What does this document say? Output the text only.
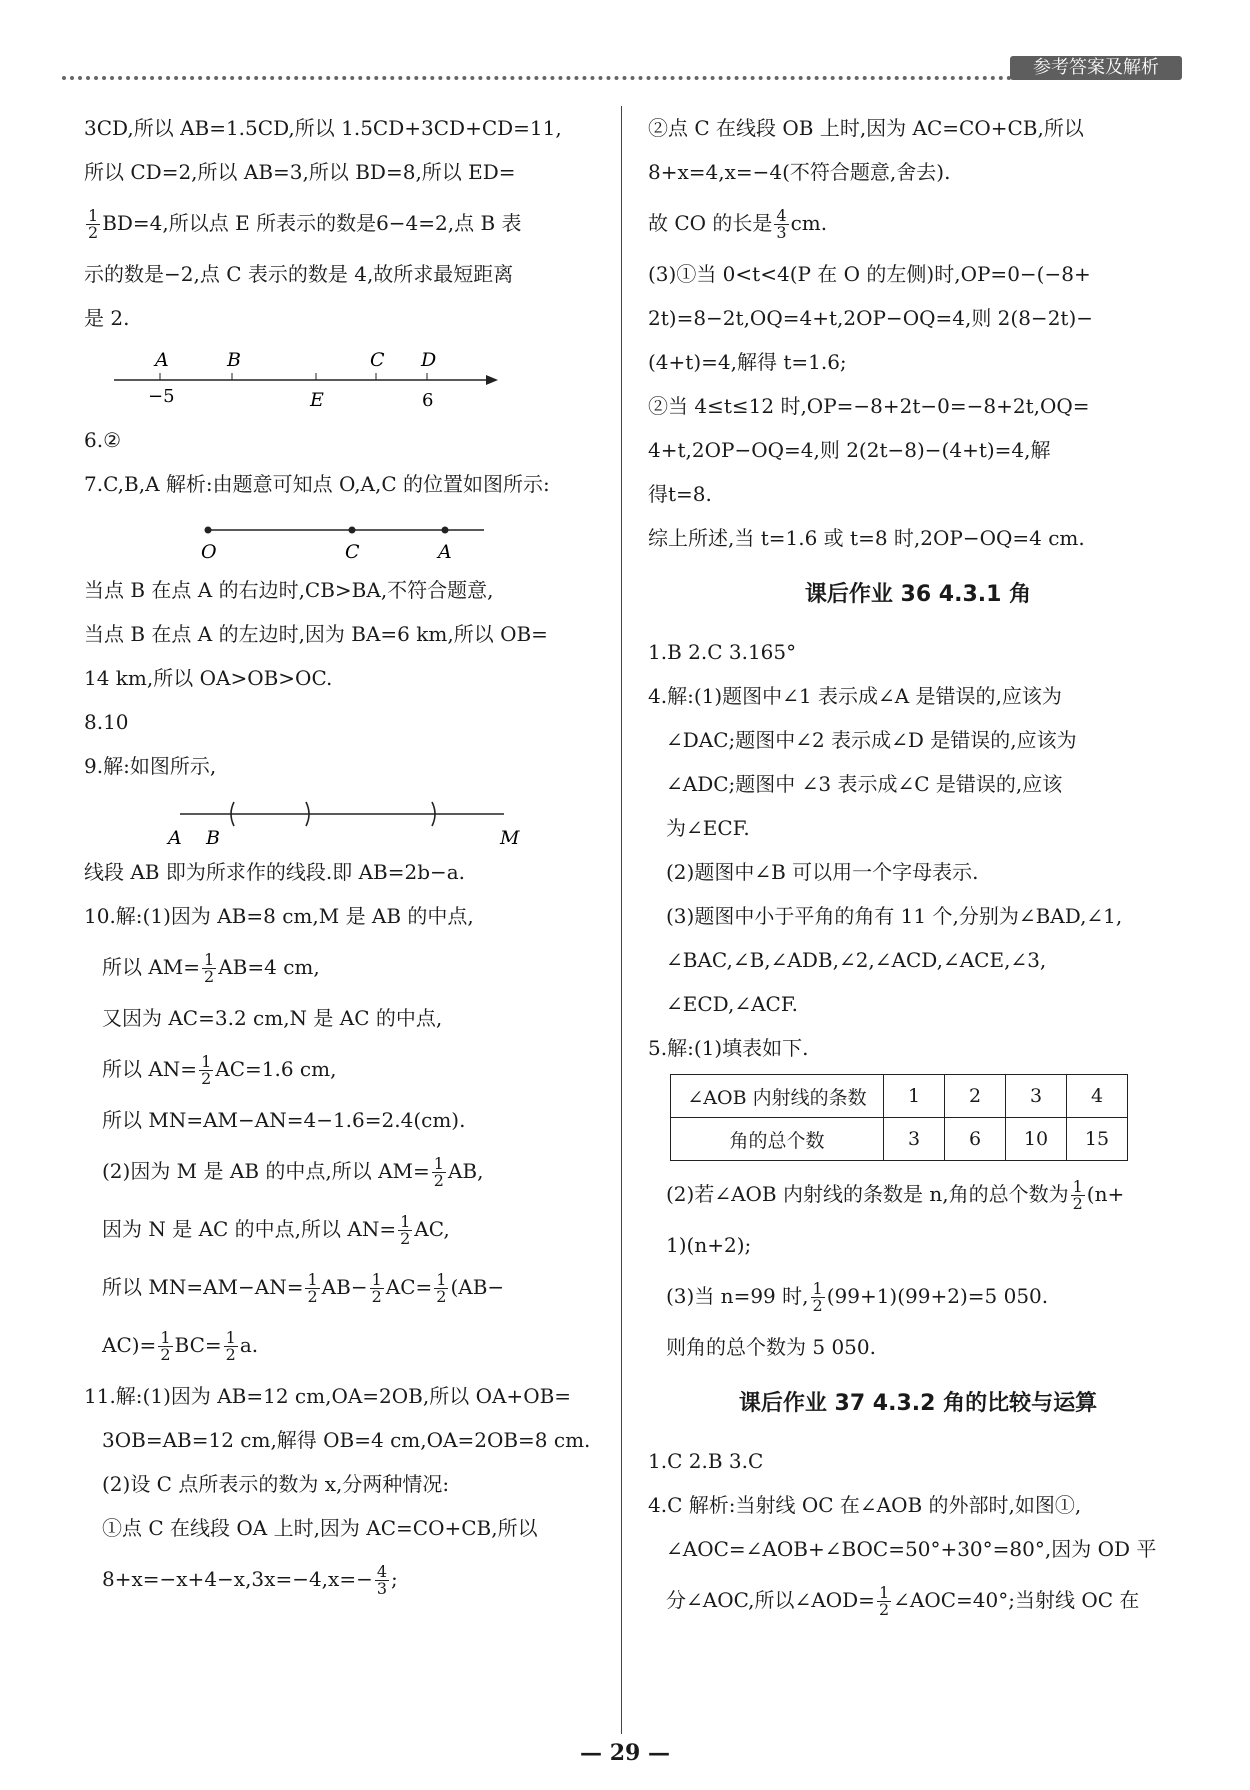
参考答案及解析
3CD,所以 AB=1.5CD,所以 1.5CD+3CD+CD=11,
所以 CD=2,所以 AB=3,所以 BD=8,所以 ED=
$\frac{1}{2} BD=4$,所以点 E 所表示的数是6−4=2,点 B 表
示的数是−2,点 C 表示的数是 4,故所求最短距离
是 2.
A	B
E
C D
−5	6
6.②
7.C,B,A 解析:由题意可知点 O,A,C 的位置如图所示:
O	C	A
当点 B 在点 A 的右边时,CB>BA,不符合题意,
当点 B 在点 A 的左边时,因为 BA=6 km,所以 OB=
14 km,所以 OA>OB>OC.
8.10
9.解:如图所示,
A B	M
线段 AB 即为所求作的线段.即 AB=2b−a.
10.解:(1)因为 AB=8 cm,M 是 AB 的中点,
所以 $AM= \frac{1}{2} AB=4$ cm,
又因为 AC=3.2 cm,N 是 AC 的中点,
所以 $AN= \frac{1}{2} AC=1.6$ cm,
所以 MN=AM−AN=4−1.6=2.4(cm).
(2)因为 M 是 AB 的中点,所以 $AM= \frac{1}{2}$ AB,
因为 N 是 AC 的中点,所以 $AN= \frac{1}{2}$ AC,
所以 $MN=AM-AN= \frac{1}{2} AB- \frac{1}{2} AC= \frac{1}{2} (AB-$
$AC)= \frac{1}{2} BC= \frac{1}{2} a$.
11.解:(1)因为 AB=12 cm,OA=2OB,所以 OA+OB=
3OB=AB=12 cm,解得 OB=4 cm,OA=2OB=8 cm.
(2)设 C 点所表示的数为 x,分两种情况:
①点 C 在线段 OA 上时,因为 AC=CO+CB,所以
$8+x=-x+4-x,3x=-4,x=- \frac{4}{3}$ ;
②点 C 在线段 OB 上时,因为 AC=CO+CB,所以
8+x=4,x=−4(不符合题意,舍去).
故 CO 的长是 $\frac{4}{3}$ cm.
(3)①当 0<t<4(P 在 O 的左侧)时,OP=0−(−8+
2t)=8−2t,OQ=4+t,2OP−OQ=4,则 2(8−2t)−
(4+t)=4,解得 t=1.6;
②当 4≤t≤12 时,OP=−8+2t−0=−8+2t,OQ=
4+t,2OP−OQ=4,则 2(2t−8)−(4+t)=4,解
得t=8.
综上所述,当 t=1.6 或 t=8 时,2OP−OQ=4 cm.
课后作业 36 4.3.1 角
1.B 2.C 3.165°
4.解:(1)题图中∠1 表示成∠A 是错误的,应该为
∠DAC;题图中∠2 表示成∠D 是错误的,应该为
∠ADC;题图中 ∠3 表示成∠C 是错误的,应该
为∠ECF.
(2)题图中∠B 可以用一个字母表示.
(3)题图中小于平角的角有 11 个,分别为∠BAD,∠1,
∠BAC,∠B,∠ADB,∠2,∠ACD,∠ACE,∠3,
∠ECD,∠ACF.
5.解:(1)填表如下.
∠AOB 内射线的条数	1	2	3	4
角的总个数	3	6	10	15
(2)若∠AOB 内射线的条数是 n,角的总个数为 $\frac{1}{2} (n+$
1)(n+2);
(3)当 n=99 时, $\frac{1}{2} (99+1)(99+2)=5$ 050.
则角的总个数为 5 050.
课后作业 37 4.3.2 角的比较与运算
1.C 2.B 3.C
4.C 解析:当射线 OC 在∠AOB 的外部时,如图①,
∠AOC=∠AOB+∠BOC=50°+30°=80°,因为 OD 平
分∠AOC,所以∠AOD= $\frac{1}{2}$ ∠AOC=40°;当射线 OC 在
— 29 —
